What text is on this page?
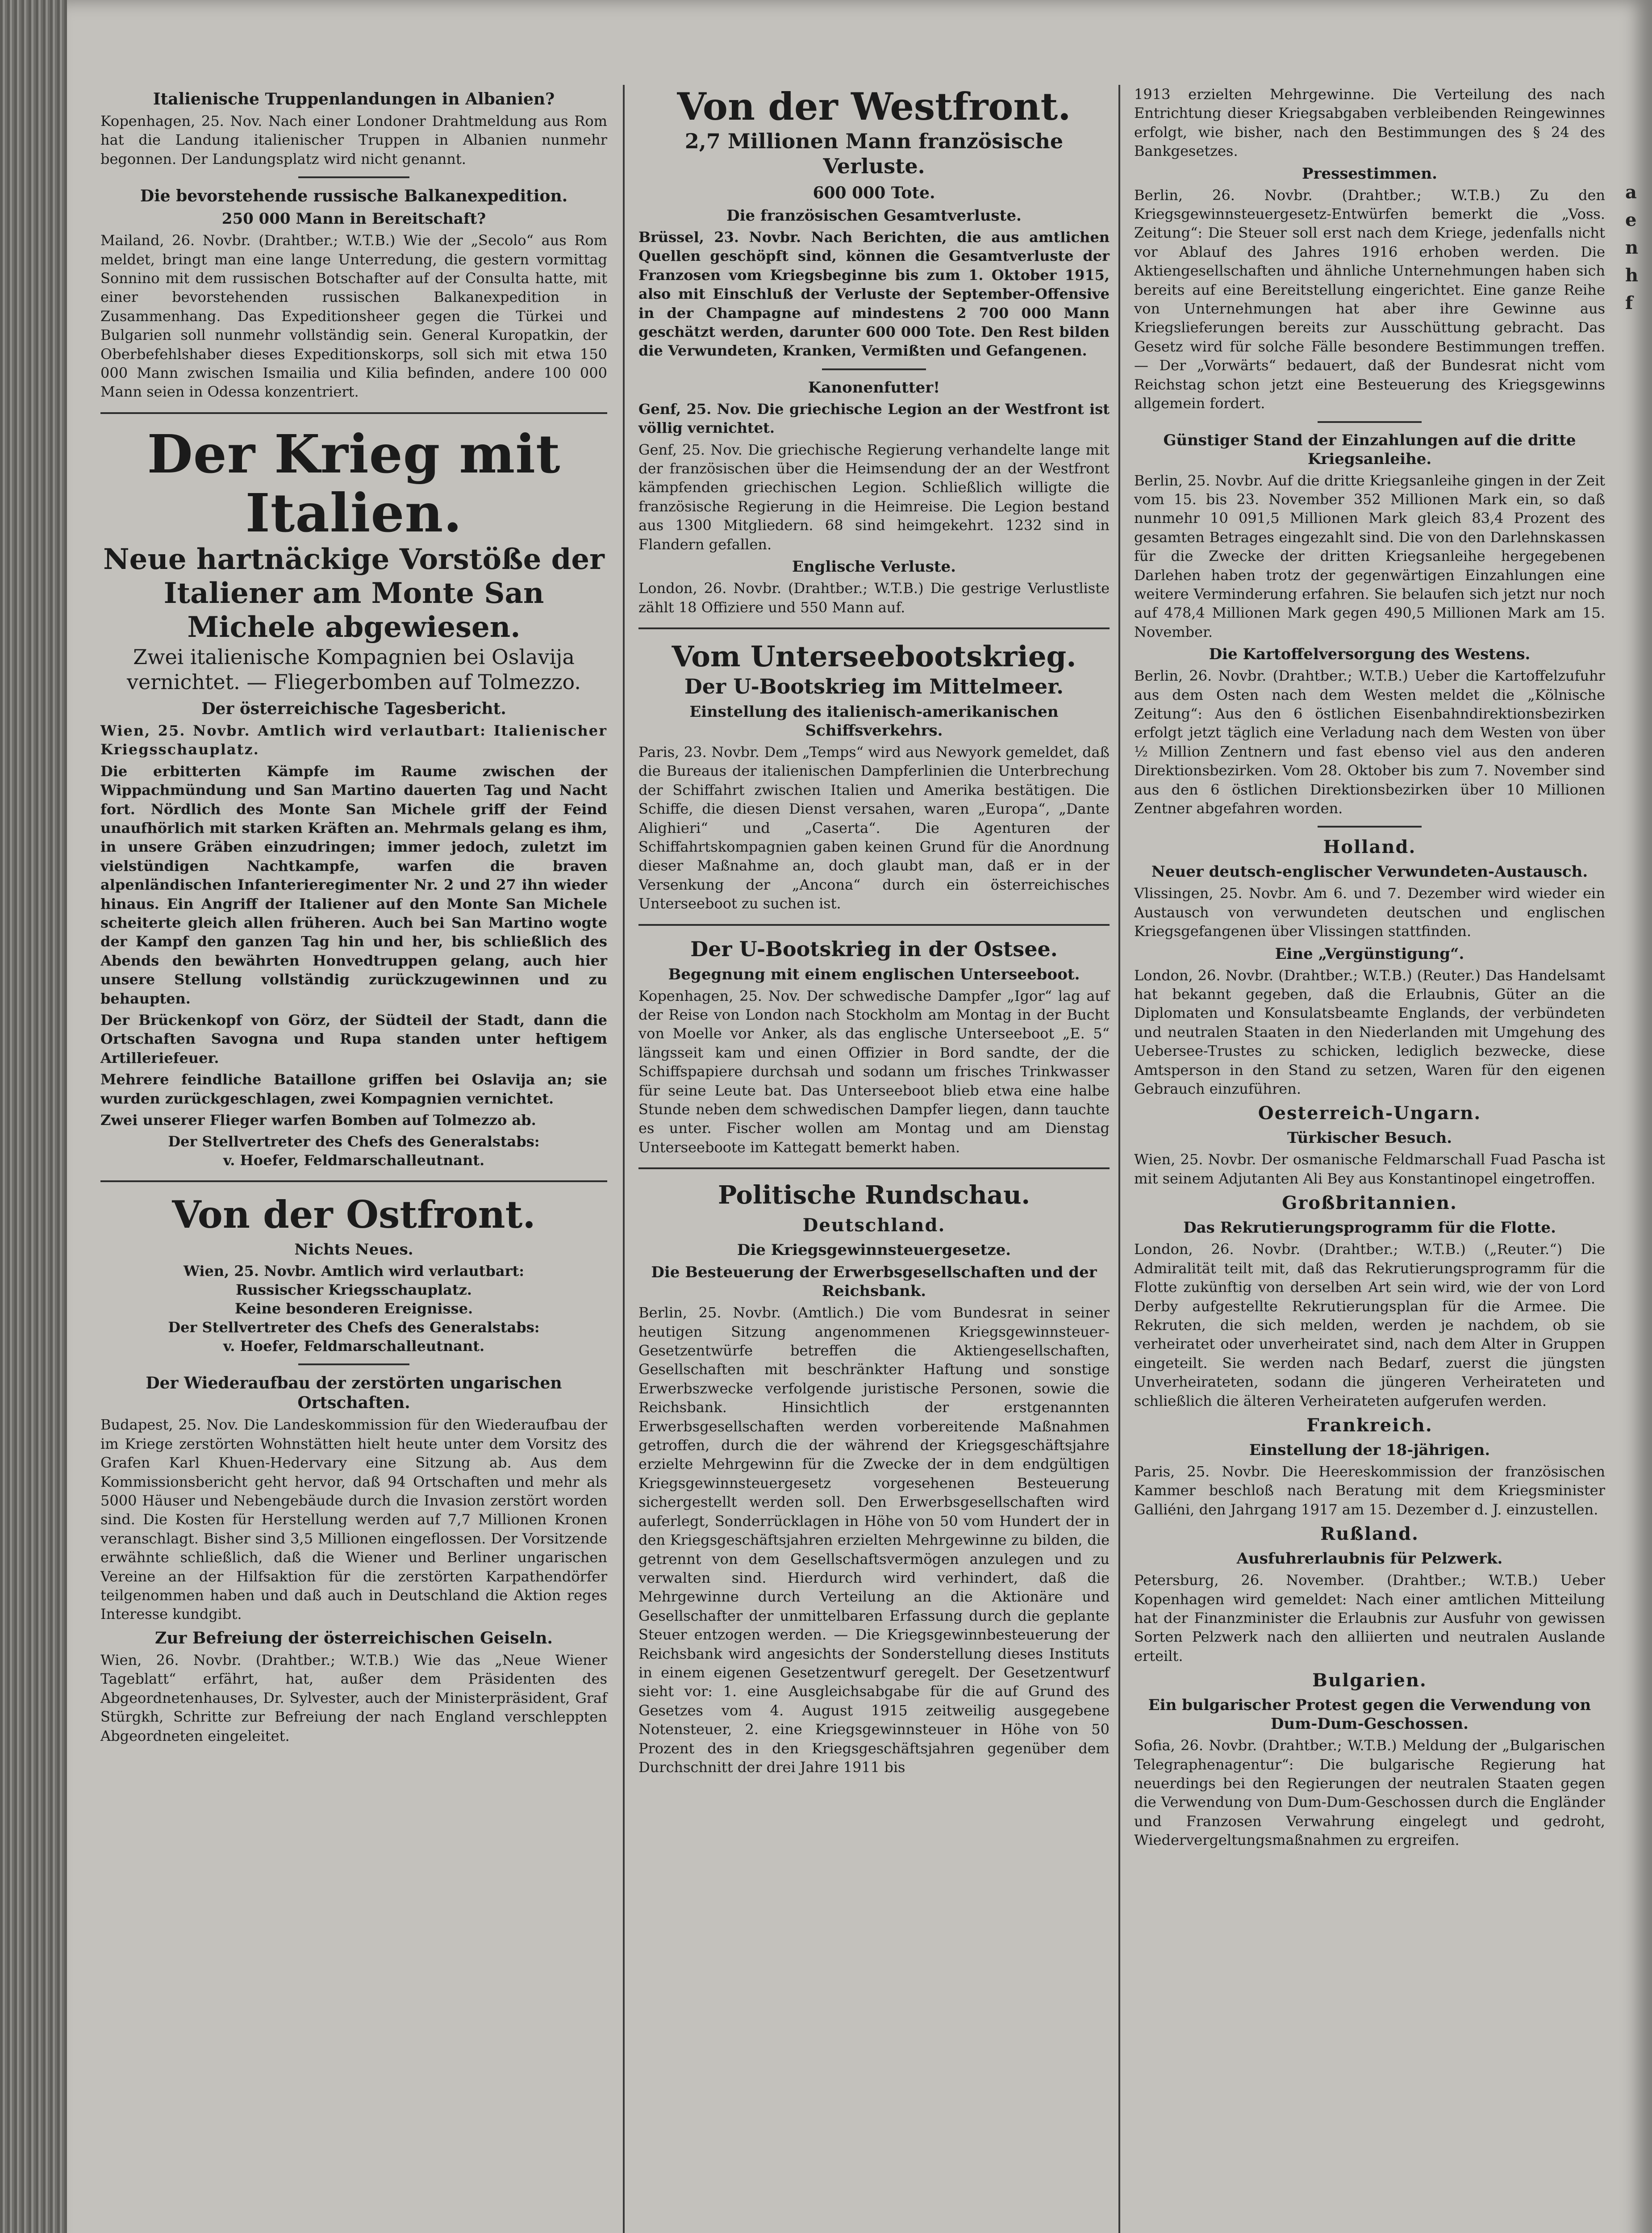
Italienische Truppenlandungen in Albanien?

Kopenhagen, 25. Nov. Nach einer Londoner Drahtmeldung aus Rom hat die Landung italienischer Truppen in Albanien nunmehr begonnen. Der Landungsplatz wird nicht genannt.

Die bevorstehende russische Balkanexpedition.
250 000 Mann in Bereitschaft?

Mailand, 26. Novbr. (Drahtber.; W.T.B.) Wie der „Secolo“ aus Rom meldet, bringt man eine lange Unterredung, die gestern vormittag Sonnino mit dem russischen Botschafter auf der Consulta hatte, mit einer bevorstehenden russischen Balkanexpedition in Zusammenhang. Das Expeditionsheer gegen die Türkei und Bulgarien soll nunmehr vollständig sein. General Kuropatkin, der Oberbefehlshaber dieses Expeditionskorps, soll sich mit etwa 150 000 Mann zwischen Ismailia und Kilia befinden, andere 100 000 Mann seien in Odessa konzentriert.

Der Krieg mit Italien.
Neue hartnäckige Vorstöße der Italiener am Monte San Michele abgewiesen.
Zwei italienische Kompagnien bei Oslavija vernichtet. — Fliegerbomben auf Tolmezzo.
Der österreichische Tagesbericht.

Wien, 25. Novbr. Amtlich wird verlautbart: Italienischer Kriegsschauplatz.

Die erbitterten Kämpfe im Raume zwischen der Wippachmündung und San Martino dauerten Tag und Nacht fort. Nördlich des Monte San Michele griff der Feind unaufhörlich mit starken Kräften an. Mehrmals gelang es ihm, in unsere Gräben einzudringen; immer jedoch, zuletzt im vielstündigen Nachtkampfe, warfen die braven alpenländischen Infanterieregimenter Nr. 2 und 27 ihn wieder hinaus. Ein Angriff der Italiener auf den Monte San Michele scheiterte gleich allen früheren. Auch bei San Martino wogte der Kampf den ganzen Tag hin und her, bis schließlich des Abends den bewährten Honvedtruppen gelang, auch hier unsere Stellung vollständig zurückzugewinnen und zu behaupten.

Der Brückenkopf von Görz, der Südteil der Stadt, dann die Ortschaften Savogna und Rupa standen unter heftigem Artilleriefeuer.

Mehrere feindliche Bataillone griffen bei Oslavija an; sie wurden zurückgeschlagen, zwei Kompagnien vernichtet.

Zwei unserer Flieger warfen Bomben auf Tolmezzo ab.

Der Stellvertreter des Chefs des Generalstabs:
v. Hoefer, Feldmarschalleutnant.
Von der Ostfront.
Nichts Neues.
Wien, 25. Novbr. Amtlich wird verlautbart:
Russischer Kriegsschauplatz.
Keine besonderen Ereignisse.
Der Stellvertreter des Chefs des Generalstabs:
v. Hoefer, Feldmarschalleutnant.
Der Wiederaufbau der zerstörten ungarischen Ortschaften.

Budapest, 25. Nov. Die Landeskommission für den Wiederaufbau der im Kriege zerstörten Wohnstätten hielt heute unter dem Vorsitz des Grafen Karl Khuen-Hedervary eine Sitzung ab. Aus dem Kommissionsbericht geht hervor, daß 94 Ortschaften und mehr als 5000 Häuser und Nebengebäude durch die Invasion zerstört worden sind. Die Kosten für Herstellung werden auf 7,7 Millionen Kronen veranschlagt. Bisher sind 3,5 Millionen eingeflossen. Der Vorsitzende erwähnte schließlich, daß die Wiener und Berliner ungarischen Vereine an der Hilfsaktion für die zerstörten Karpathendörfer teilgenommen haben und daß auch in Deutschland die Aktion reges Interesse kundgibt.

Zur Befreiung der österreichischen Geiseln.

Wien, 26. Novbr. (Drahtber.; W.T.B.) Wie das „Neue Wiener Tageblatt“ erfährt, hat, außer dem Präsidenten des Abgeordnetenhauses, Dr. Sylvester, auch der Ministerpräsident, Graf Stürgkh, Schritte zur Befreiung der nach England verschleppten Abgeordneten eingeleitet.

Von der Westfront.
2,7 Millionen Mann französische Verluste.
600 000 Tote.
Die französischen Gesamtverluste.

Brüssel, 23. Novbr. Nach Berichten, die aus amtlichen Quellen geschöpft sind, können die Gesamtverluste der Franzosen vom Kriegsbeginne bis zum 1. Oktober 1915, also mit Einschluß der Verluste der September-Offensive in der Champagne auf mindestens 2 700 000 Mann geschätzt werden, darunter 600 000 Tote. Den Rest bilden die Verwundeten, Kranken, Vermißten und Gefangenen.

Kanonenfutter!

Genf, 25. Nov. Die griechische Legion an der Westfront ist völlig vernichtet.

Genf, 25. Nov. Die griechische Regierung verhandelte lange mit der französischen über die Heimsendung der an der Westfront kämpfenden griechischen Legion. Schließlich willigte die französische Regierung in die Heimreise. Die Legion bestand aus 1300 Mitgliedern. 68 sind heimgekehrt. 1232 sind in Flandern gefallen.

Englische Verluste.

London, 26. Novbr. (Drahtber.; W.T.B.) Die gestrige Verlustliste zählt 18 Offiziere und 550 Mann auf.

Vom Unterseebootskrieg.
Der U-Bootskrieg im Mittelmeer.
Einstellung des italienisch-amerikanischen Schiffsverkehrs.

Paris, 23. Novbr. Dem „Temps“ wird aus Newyork gemeldet, daß die Bureaus der italienischen Dampferlinien die Unterbrechung der Schiffahrt zwischen Italien und Amerika bestätigen. Die Schiffe, die diesen Dienst versahen, waren „Europa“, „Dante Alighieri“ und „Caserta“. Die Agenturen der Schiffahrtskompagnien gaben keinen Grund für die Anordnung dieser Maßnahme an, doch glaubt man, daß er in der Versenkung der „Ancona“ durch ein österreichisches Unterseeboot zu suchen ist.

Der U-Bootskrieg in der Ostsee.
Begegnung mit einem englischen Unterseeboot.

Kopenhagen, 25. Nov. Der schwedische Dampfer „Igor“ lag auf der Reise von London nach Stockholm am Montag in der Bucht von Moelle vor Anker, als das englische Unterseeboot „E. 5“ längsseit kam und einen Offizier in Bord sandte, der die Schiffspapiere durchsah und sodann um frisches Trinkwasser für seine Leute bat. Das Unterseeboot blieb etwa eine halbe Stunde neben dem schwedischen Dampfer liegen, dann tauchte es unter. Fischer wollen am Montag und am Dienstag Unterseeboote im Kattegatt bemerkt haben.

Politische Rundschau.
Deutschland.
Die Kriegsgewinnsteuergesetze.
Die Besteuerung der Erwerbsgesellschaften und der Reichsbank.

Berlin, 25. Novbr. (Amtlich.) Die vom Bundesrat in seiner heutigen Sitzung angenommenen Kriegsgewinnsteuer-Gesetzentwürfe betreffen die Aktiengesellschaften, Gesellschaften mit beschränkter Haftung und sonstige Erwerbszwecke verfolgende juristische Personen, sowie die Reichsbank. Hinsichtlich der erstgenannten Erwerbsgesellschaften werden vorbereitende Maßnahmen getroffen, durch die der während der Kriegsgeschäftsjahre erzielte Mehrgewinn für die Zwecke der in dem endgültigen Kriegsgewinnsteuergesetz vorgesehenen Besteuerung sichergestellt werden soll. Den Erwerbsgesellschaften wird auferlegt, Sonderrücklagen in Höhe von 50 vom Hundert der in den Kriegsgeschäftsjahren erzielten Mehrgewinne zu bilden, die getrennt von dem Gesellschaftsvermögen anzulegen und zu verwalten sind. Hierdurch wird verhindert, daß die Mehrgewinne durch Verteilung an die Aktionäre und Gesellschafter der unmittelbaren Erfassung durch die geplante Steuer entzogen werden. — Die Kriegsgewinnbesteuerung der Reichsbank wird angesichts der Sonderstellung dieses Instituts in einem eigenen Gesetzentwurf geregelt. Der Gesetzentwurf sieht vor: 1. eine Ausgleichsabgabe für die auf Grund des Gesetzes vom 4. August 1915 zeitweilig ausgegebene Notensteuer, 2. eine Kriegsgewinnsteuer in Höhe von 50 Prozent des in den Kriegsgeschäftsjahren gegenüber dem Durchschnitt der drei Jahre 1911 bis

1913 erzielten Mehrgewinne. Die Verteilung des nach Entrichtung dieser Kriegsabgaben verbleibenden Reingewinnes erfolgt, wie bisher, nach den Bestimmungen des § 24 des Bankgesetzes.

Pressestimmen.

Berlin, 26. Novbr. (Drahtber.; W.T.B.) Zu den Kriegsgewinnsteuergesetz-Entwürfen bemerkt die „Voss. Zeitung“: Die Steuer soll erst nach dem Kriege, jedenfalls nicht vor Ablauf des Jahres 1916 erhoben werden. Die Aktiengesellschaften und ähnliche Unternehmungen haben sich bereits auf eine Bereitstellung eingerichtet. Eine ganze Reihe von Unternehmungen hat aber ihre Gewinne aus Kriegslieferungen bereits zur Ausschüttung gebracht. Das Gesetz wird für solche Fälle besondere Bestimmungen treffen. — Der „Vorwärts“ bedauert, daß der Bundesrat nicht vom Reichstag schon jetzt eine Besteuerung des Kriegsgewinns allgemein fordert.

Günstiger Stand der Einzahlungen auf die dritte Kriegsanleihe.

Berlin, 25. Novbr. Auf die dritte Kriegsanleihe gingen in der Zeit vom 15. bis 23. November 352 Millionen Mark ein, so daß nunmehr 10 091,5 Millionen Mark gleich 83,4 Prozent des gesamten Betrages eingezahlt sind. Die von den Darlehnskassen für die Zwecke der dritten Kriegsanleihe hergegebenen Darlehen haben trotz der gegenwärtigen Einzahlungen eine weitere Verminderung erfahren. Sie belaufen sich jetzt nur noch auf 478,4 Millionen Mark gegen 490,5 Millionen Mark am 15. November.

Die Kartoffelversorgung des Westens.

Berlin, 26. Novbr. (Drahtber.; W.T.B.) Ueber die Kartoffelzufuhr aus dem Osten nach dem Westen meldet die „Kölnische Zeitung“: Aus den 6 östlichen Eisenbahndirektionsbezirken erfolgt jetzt täglich eine Verladung nach dem Westen von über ½ Million Zentnern und fast ebenso viel aus den anderen Direktionsbezirken. Vom 28. Oktober bis zum 7. November sind aus den 6 östlichen Direktionsbezirken über 10 Millionen Zentner abgefahren worden.

Holland.
Neuer deutsch-englischer Verwundeten-Austausch.

Vlissingen, 25. Novbr. Am 6. und 7. Dezember wird wieder ein Austausch von verwundeten deutschen und englischen Kriegsgefangenen über Vlissingen stattfinden.

Eine „Vergünstigung“.

London, 26. Novbr. (Drahtber.; W.T.B.) (Reuter.) Das Handelsamt hat bekannt gegeben, daß die Erlaubnis, Güter an die Diplomaten und Konsulatsbeamte Englands, der verbündeten und neutralen Staaten in den Niederlanden mit Umgehung des Uebersee-Trustes zu schicken, lediglich bezwecke, diese Amtsperson in den Stand zu setzen, Waren für den eigenen Gebrauch einzuführen.

Oesterreich-Ungarn.
Türkischer Besuch.

Wien, 25. Novbr. Der osmanische Feldmarschall Fuad Pascha ist mit seinem Adjutanten Ali Bey aus Konstantinopel eingetroffen.

Großbritannien.
Das Rekrutierungsprogramm für die Flotte.

London, 26. Novbr. (Drahtber.; W.T.B.) („Reuter.“) Die Admiralität teilt mit, daß das Rekrutierungsprogramm für die Flotte zukünftig von derselben Art sein wird, wie der von Lord Derby aufgestellte Rekrutierungsplan für die Armee. Die Rekruten, die sich melden, werden je nachdem, ob sie verheiratet oder unverheiratet sind, nach dem Alter in Gruppen eingeteilt. Sie werden nach Bedarf, zuerst die jüngsten Unverheirateten, sodann die jüngeren Verheirateten und schließlich die älteren Verheirateten aufgerufen werden.

Frankreich.
Einstellung der 18-jährigen.

Paris, 25. Novbr. Die Heereskommission der französischen Kammer beschloß nach Beratung mit dem Kriegsminister Galliéni, den Jahrgang 1917 am 15. Dezember d. J. einzustellen.

Rußland.
Ausfuhrerlaubnis für Pelzwerk.

Petersburg, 26. November. (Drahtber.; W.T.B.) Ueber Kopenhagen wird gemeldet: Nach einer amtlichen Mitteilung hat der Finanzminister die Erlaubnis zur Ausfuhr von gewissen Sorten Pelzwerk nach den alliierten und neutralen Auslande erteilt.

Bulgarien.
Ein bulgarischer Protest gegen die Verwendung von Dum-Dum-Geschossen.

Sofia, 26. Novbr. (Drahtber.; W.T.B.) Meldung der „Bulgarischen Telegraphenagentur“: Die bulgarische Regierung hat neuerdings bei den Regierungen der neutralen Staaten gegen die Verwendung von Dum-Dum-Geschossen durch die Engländer und Franzosen Verwahrung eingelegt und gedroht, Wiedervergeltungsmaßnahmen zu ergreifen.

a e n h f
